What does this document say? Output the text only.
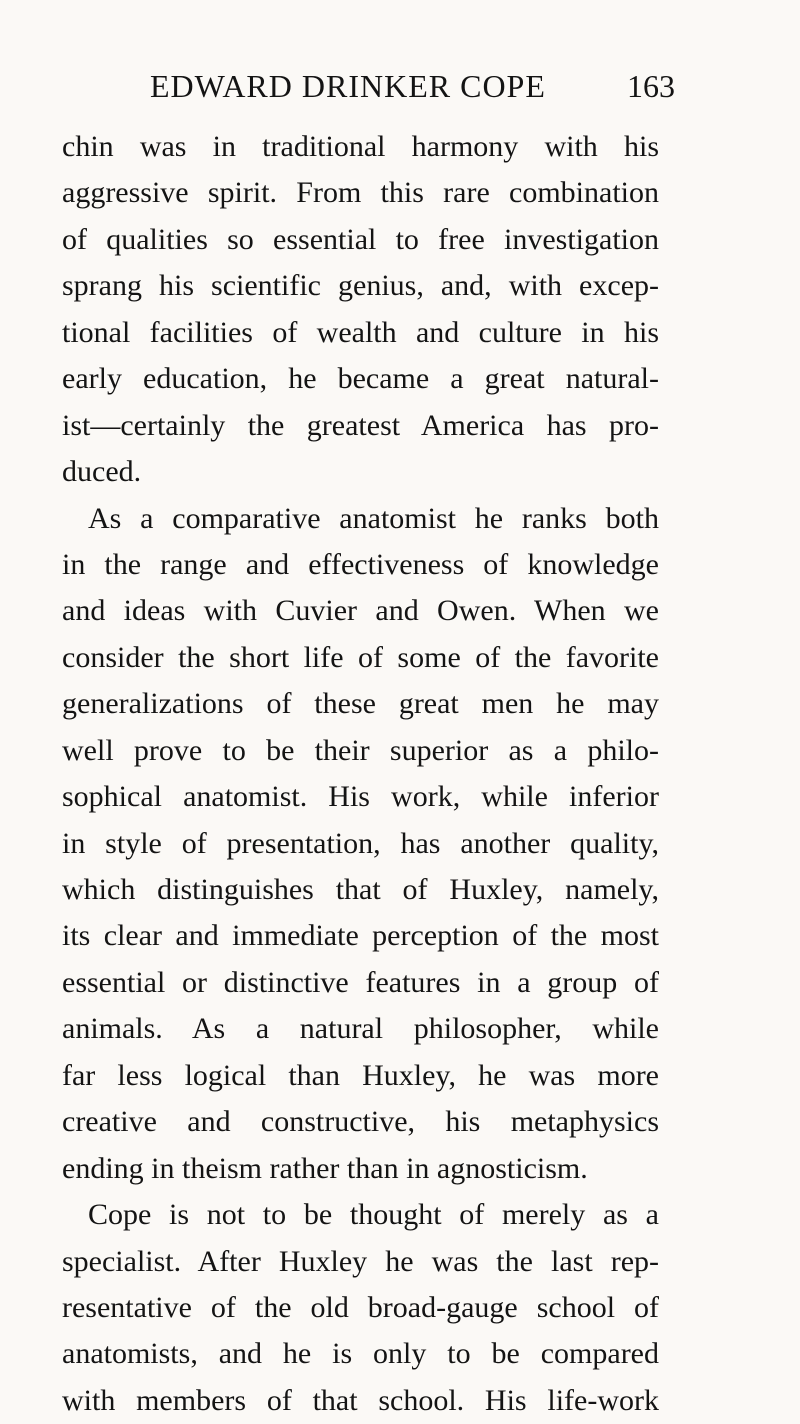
EDWARD DRINKER COPE	163
chin was in traditional harmony with his
aggressive spirit. From this rare combination
of qualities so essential to free investigation
sprang his scientific genius, and, with excep-
tional facilities of wealth and culture in his
early education, he became a great natural-
ist—certainly the greatest America has pro-
duced.
As a comparative anatomist he ranks both
in the range and effectiveness of knowledge
and ideas with Cuvier and Owen. When we
consider the short life of some of the favorite
generalizations of these great men he may
well prove to be their superior as a philo-
sophical anatomist. His work, while inferior
in style of presentation, has another quality,
which distinguishes that of Huxley, namely,
its clear and immediate perception of the most
essential or distinctive features in a group of
animals. As a natural philosopher, while
far less logical than Huxley, he was more
creative and constructive, his metaphysics
ending in theism rather than in agnosticism.
Cope is not to be thought of merely as a
specialist. After Huxley he was the last rep-
resentative of the old broad-gauge school of
anatomists, and he is only to be compared
with members of that school. His life-work
